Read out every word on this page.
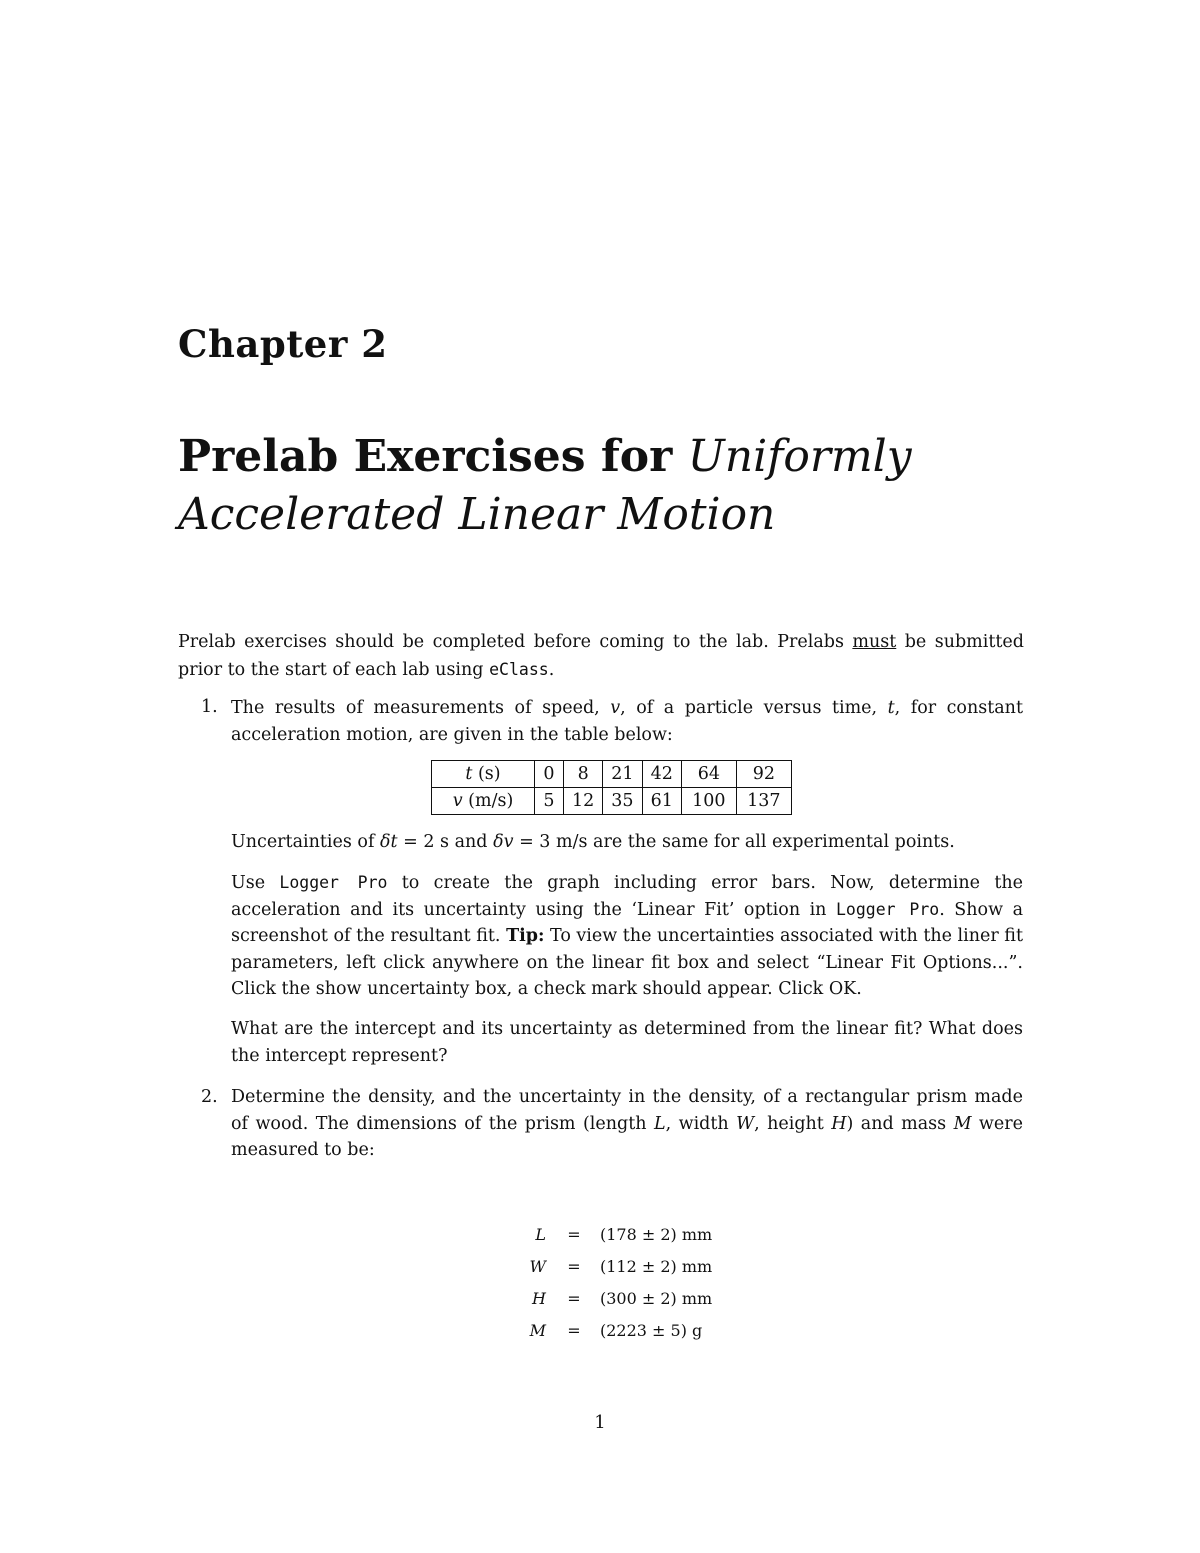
Chapter 2
Prelab Exercises for Uniformly
Accelerated Linear Motion

Prelab exercises should be completed before coming to the lab. Prelabs must be submitted prior to the start of each lab using eClass.

1. The results of measurements of speed, v, of a particle versus time, t, for constant acceleration motion, are given in the table below:

t (s)	0	8	21	42	64	92
v (m/s)	5	12	35	61	100	137

Uncertainties of δt = 2 s and δv = 3 m/s are the same for all experimental points.

Use Logger Pro to create the graph including error bars. Now, determine the acceleration and its uncertainty using the ‘Linear Fit’ option in Logger Pro. Show a screenshot of the resultant fit. Tip: To view the uncertainties associated with the liner fit parameters, left click anywhere on the linear fit box and select “Linear Fit Options...”. Click the show uncertainty box, a check mark should appear. Click OK.

What are the intercept and its uncertainty as determined from the linear fit? What does the intercept represent?

2. Determine the density, and the uncertainty in the density, of a rectangular prism made of wood. The dimensions of the prism (length L, width W, height H) and mass M were measured to be:

L = (178 ± 2) mm
W = (112 ± 2) mm
H = (300 ± 2) mm
M = (2223 ± 5) g
1
